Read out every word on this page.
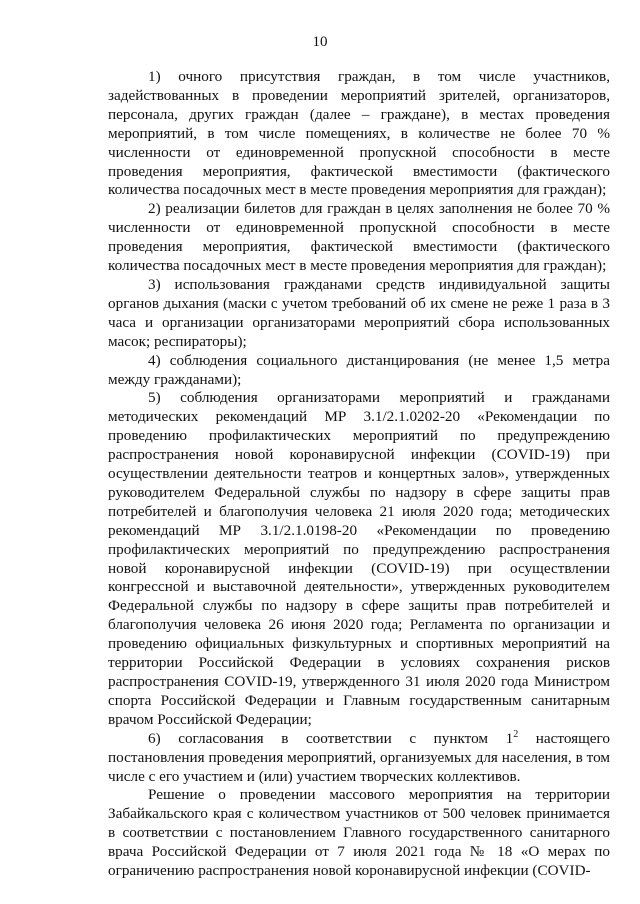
10

1) очного присутствия граждан, в том числе участников, задействованных в проведении мероприятий зрителей, организаторов, персонала, других граждан (далее – граждане), в местах проведения мероприятий, в том числе помещениях, в количестве не более 70 % численности от единовременной пропускной способности в месте проведения мероприятия, фактической вместимости (фактического количества посадочных мест в месте проведения мероприятия для граждан);

2) реализации билетов для граждан в целях заполнения не более 70 % численности от единовременной пропускной способности в месте проведения мероприятия, фактической вместимости (фактического количества посадочных мест в месте проведения мероприятия для граждан);

3) использования гражданами средств индивидуальной защиты органов дыхания (маски с учетом требований об их смене не реже 1 раза в 3 часа и организации организаторами мероприятий сбора использованных масок; респираторы);

4) соблюдения социального дистанцирования (не менее 1,5 метра между гражданами);

5) соблюдения организаторами мероприятий и гражданами методических рекомендаций МР 3.1/2.1.0202-20 «Рекомендации по проведению профилактических мероприятий по предупреждению распространения новой коронавирусной инфекции (COVID-19) при осуществлении деятельности театров и концертных залов», утвержденных руководителем Федеральной службы по надзору в сфере защиты прав потребителей и благополучия человека 21 июля 2020 года; методических рекомендаций МР 3.1/2.1.0198-20 «Рекомендации по проведению профилактических мероприятий по предупреждению распространения новой коронавирусной инфекции (COVID-19) при осуществлении конгрессной и выставочной деятельности», утвержденных руководителем Федеральной службы по надзору в сфере защиты прав потребителей и благополучия человека 26 июня 2020 года; Регламента по организации и проведению официальных физкультурных и спортивных мероприятий на территории Российской Федерации в условиях сохранения рисков распространения COVID-19, утвержденного 31 июля 2020 года Министром спорта Российской Федерации и Главным государственным санитарным врачом Российской Федерации;

6) согласования в соответствии с пунктом $1^2$ настоящего постановления проведения мероприятий, организуемых для населения, в том числе с его участием и (или) участием творческих коллективов.

Решение о проведении массового мероприятия на территории Забайкальского края с количеством участников от 500 человек принимается в соответствии с постановлением Главного государственного санитарного врача Российской Федерации от 7 июля 2021 года № 18 «О мерах по ограничению распространения новой коронавирусной инфекции (COVID-
